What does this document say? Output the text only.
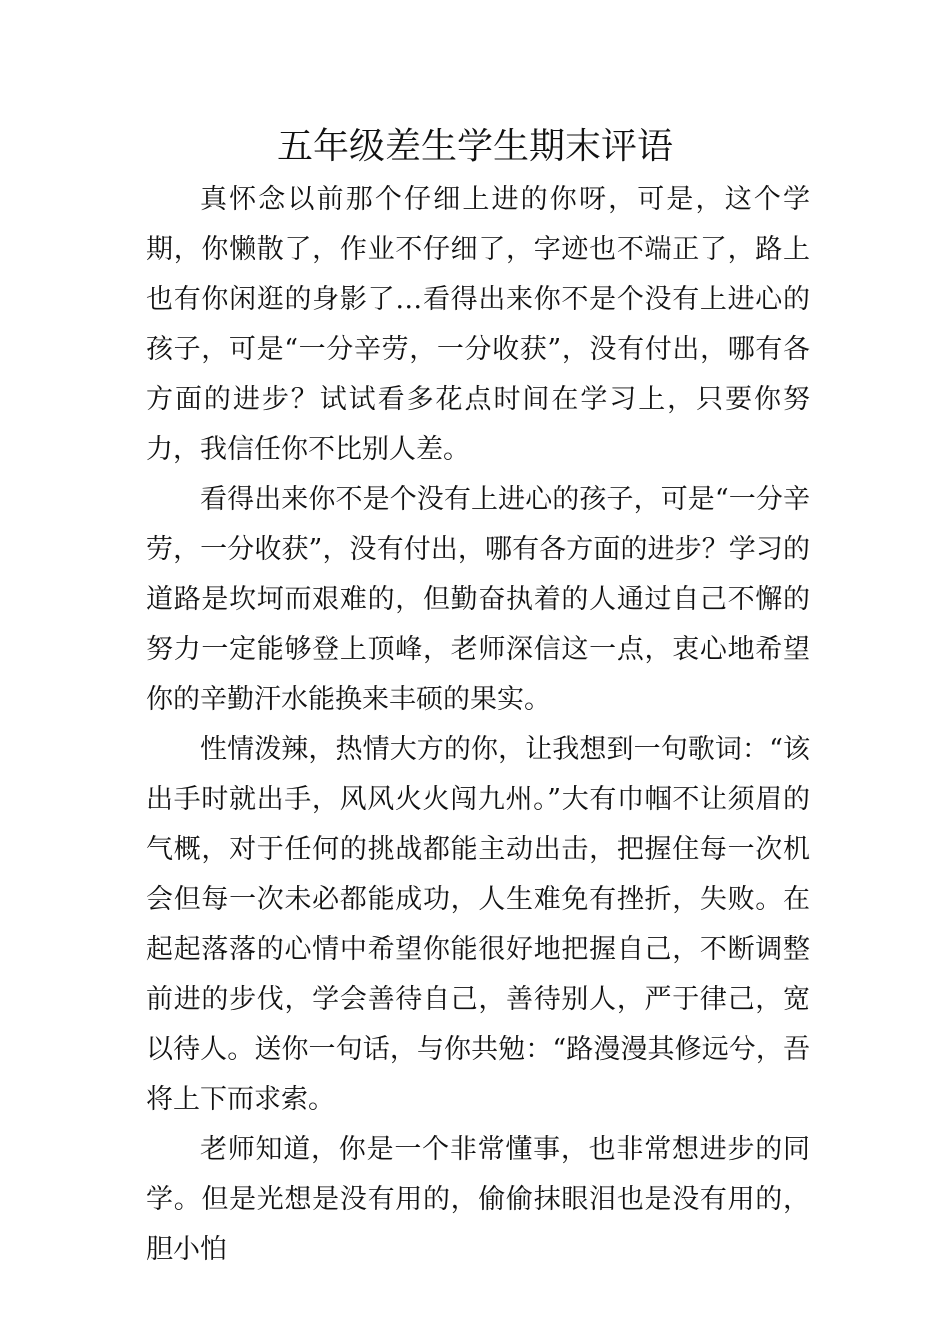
五年级差生学生期末评语

真怀念以前那个仔细上进的你呀，可是，这个学期，你懒散了，作业不仔细了，字迹也不端正了，路上也有你闲逛的身影了…看得出来你不是个没有上进心的孩子，可是“一分辛劳，一分收获”，没有付出，哪有各方面的进步？试试看多花点时间在学习上，只要你努力，我信任你不比别人差。

看得出来你不是个没有上进心的孩子，可是“一分辛劳，一分收获”，没有付出，哪有各方面的进步？学习的道路是坎坷而艰难的，但勤奋执着的人通过自己不懈的努力一定能够登上顶峰，老师深信这一点，衷心地希望你的辛勤汗水能换来丰硕的果实。

性情泼辣，热情大方的你，让我想到一句歌词：“该出手时就出手，风风火火闯九州。”大有巾帼不让须眉的气概，对于任何的挑战都能主动出击，把握住每一次机会但每一次未必都能成功，人生难免有挫折，失败。在起起落落的心情中希望你能很好地把握自己，不断调整前进的步伐，学会善待自己，善待别人，严于律己，宽以待人。送你一句话，与你共勉：“路漫漫其修远兮，吾将上下而求索。

老师知道，你是一个非常懂事，也非常想进步的同学。但是光想是没有用的，偷偷抹眼泪也是没有用的，胆小怕
